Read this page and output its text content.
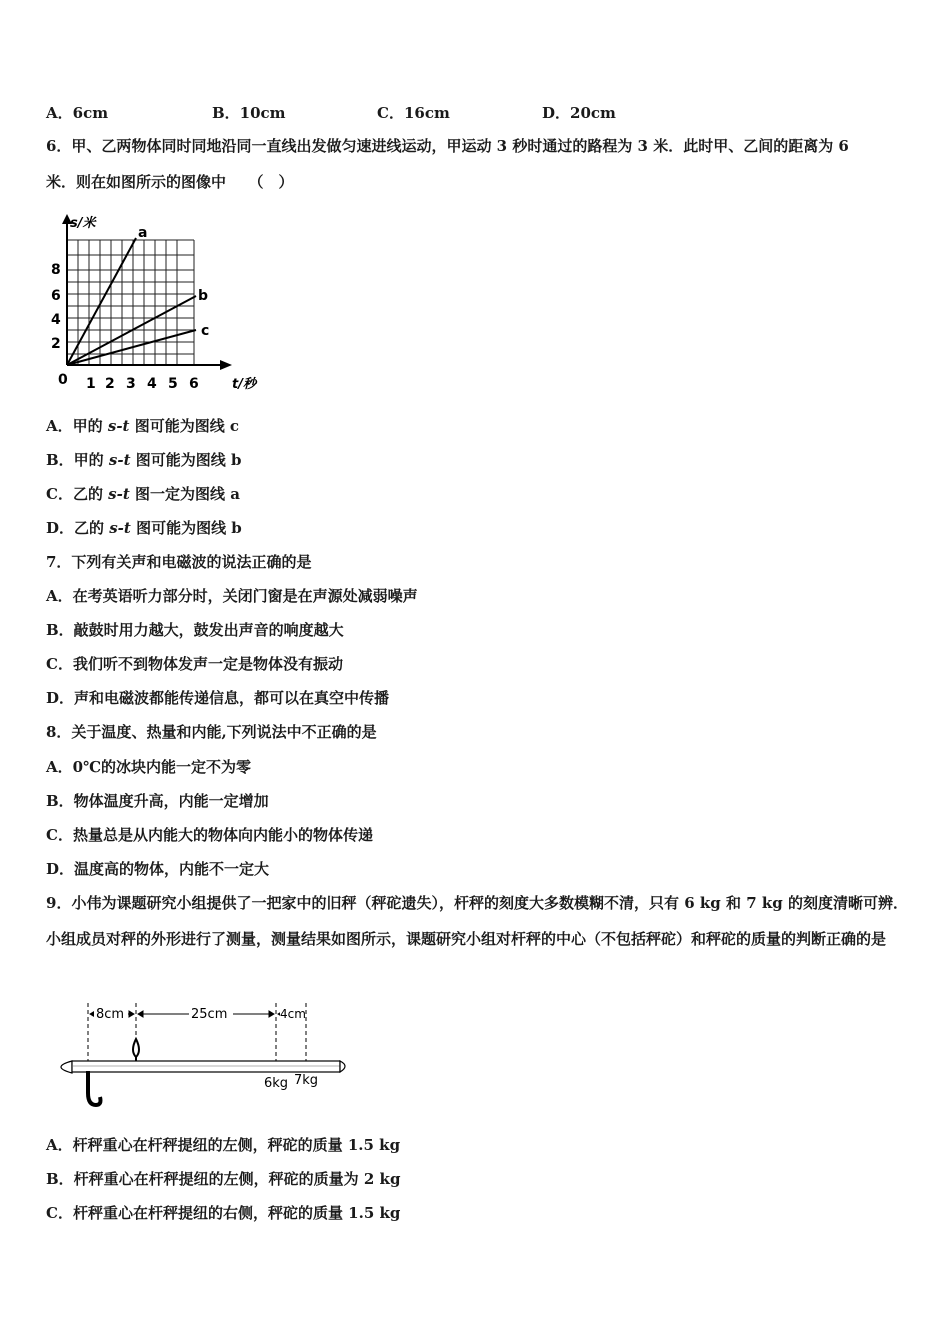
A．6cm	B．10cm	C．16cm	D．20cm
6．甲、乙两物体同时同地沿同一直线出发做匀速进线运动，甲运动 3 秒时通过的路程为 3 米．此时甲、乙间的距离为 6
米．则在如图所示的图像中　　（　）
s/米
t/秒
0
2
4
6
8
1 2 3 4 5 6
a
b
c
A．甲的 s-t 图可能为图线 c
B．甲的 s-t 图可能为图线 b
C．乙的 s-t 图一定为图线 a
D．乙的 s-t 图可能为图线 b
7．下列有关声和电磁波的说法正确的是
A．在考英语听力部分时，关闭门窗是在声源处减弱噪声
B．敲鼓时用力越大，鼓发出声音的响度越大
C．我们听不到物体发声一定是物体没有振动
D．声和电磁波都能传递信息，都可以在真空中传播
8．关于温度、热量和内能,下列说法中不正确的是
A．0℃的冰块内能一定不为零
B．物体温度升高，内能一定增加
C．热量总是从内能大的物体向内能小的物体传递
D．温度高的物体，内能不一定大
9．小伟为课题研究小组提供了一把家中的旧秤（秤砣遗失），杆秤的刻度大多数模糊不清，只有 6 kg 和 7 kg 的刻度清晰可辨．小组成员对秤的外形进行了测量，测量结果如图所示，课题研究小组对杆秤的中心（不包括秤砣）和秤砣的质量的判断正确的是
8cm	25cm	4cm
6kg 7kg
A．杆秤重心在杆秤提纽的左侧，秤砣的质量 1.5 kg
B．杆秤重心在杆秤提纽的左侧，秤砣的质量为 2 kg
C．杆秤重心在杆秤提纽的右侧，秤砣的质量 1.5 kg
